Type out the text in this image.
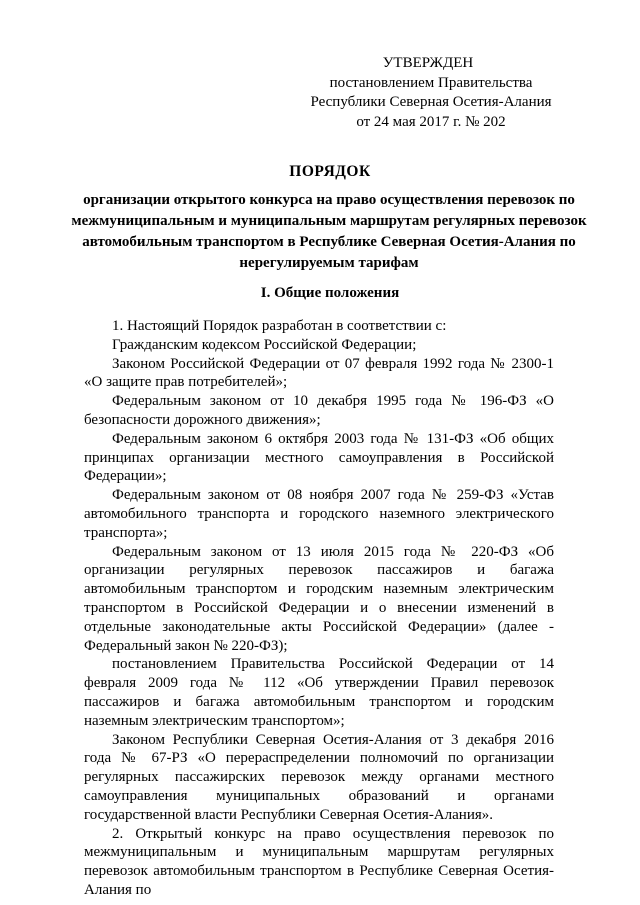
УТВЕРЖДЕН
постановлением Правительства
Республики Северная Осетия-Алания
от 24 мая 2017 г. № 202
ПОРЯДОК
организации открытого конкурса на право осуществления перевозок по межмуниципальным и муниципальным маршрутам регулярных перевозок автомобильным транспортом в Республике Северная Осетия-Алания по нерегулируемым тарифам
I. Общие положения

1. Настоящий Порядок разработан в соответствии с:

Гражданским кодексом Российской Федерации;

Законом Российской Федерации от 07 февраля 1992 года № 2300-1 «О защите прав потребителей»;

Федеральным законом от 10 декабря 1995 года № 196-ФЗ «О безопасности дорожного движения»;

Федеральным законом 6 октября 2003 года № 131-ФЗ «Об общих принципах организации местного самоуправления в Российской Федерации»;

Федеральным законом от 08 ноября 2007 года № 259-ФЗ «Устав автомобильного транспорта и городского наземного электрического транспорта»;

Федеральным законом от 13 июля 2015 года № 220-ФЗ «Об организации регулярных перевозок пассажиров и багажа автомобильным транспортом и городским наземным электрическим транспортом в Российской Федерации и о внесении изменений в отдельные законодательные акты Российской Федерации» (далее - Федеральный закон № 220-ФЗ);

постановлением Правительства Российской Федерации от 14 февраля 2009 года № 112 «Об утверждении Правил перевозок пассажиров и багажа автомобильным транспортом и городским наземным электрическим транспортом»;

Законом Республики Северная Осетия-Алания от 3 декабря 2016 года № 67-РЗ «О перераспределении полномочий по организации регулярных пассажирских перевозок между органами местного самоуправления муниципальных образований и органами государственной власти Республики Северная Осетия-Алания».

2. Открытый конкурс на право осуществления перевозок по межмуниципальным и муниципальным маршрутам регулярных перевозок автомобильным транспортом в Республике Северная Осетия-Алания по
